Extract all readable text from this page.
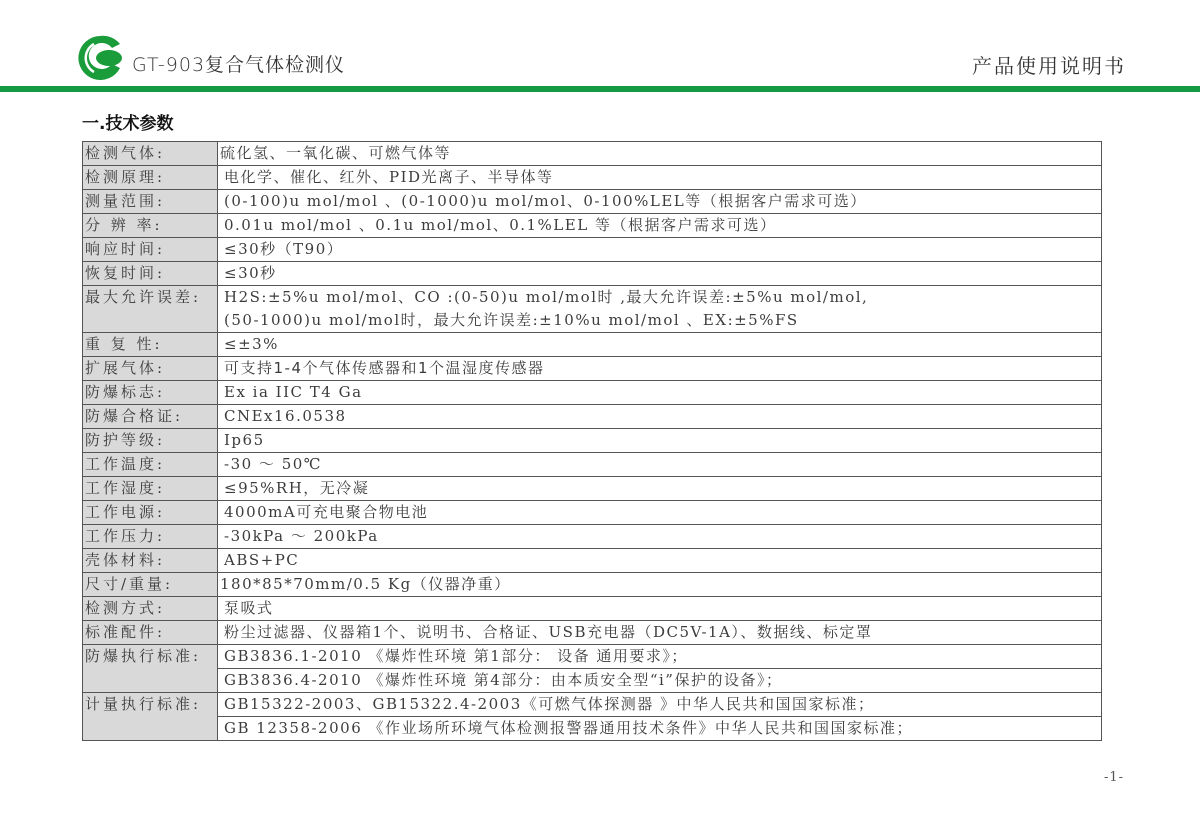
GT-903复合气体检测仪	产品使用说明书
一.技术参数
检测气体:	硫化氢、一氧化碳、可燃气体等
检测原理:	电化学、催化、红外、PID光离子、半导体等
测量范围:	(0-100)u mol/mol 、(0-1000)u mol/mol、0-100%LEL等（根据客户需求可选）
分 辨 率:	0.01u mol/mol 、0.1u mol/mol、0.1%LEL 等（根据客户需求可选）
响应时间:	≤30秒（T90）
恢复时间:	≤30秒
最大允许误差:	H2S:±5%u mol/mol、CO :(0-50)u mol/mol时 ,最大允许误差:±5%u mol/mol,
	(50-1000)u mol/mol时，最大允许误差:±10%u mol/mol 、EX:±5%FS
重 复 性:	≤±3%
扩展气体:	可支持1-4个气体传感器和1个温湿度传感器
防爆标志:	Ex ia IIC T4 Ga
防爆合格证:	CNEx16.0538
防护等级:	Ip65
工作温度:	-30 ～ 50℃
工作湿度:	≤95%RH，无冷凝
工作电源:	4000mA可充电聚合物电池
工作压力:	-30kPa ～ 200kPa
壳体材料:	ABS+PC
尺寸/重量:	180*85*70mm/0.5 Kg（仪器净重）
检测方式:	泵吸式
标准配件:	粉尘过滤器、仪器箱1个、说明书、合格证、USB充电器（DC5V-1A）、数据线、标定罩
防爆执行标准:	GB3836.1-2010 《爆炸性环境 第1部分： 设备 通用要求》；
	GB3836.4-2010 《爆炸性环境 第4部分：由本质安全型“i”保护的设备》；
计量执行标准:	GB15322-2003、GB15322.4-2003《可燃气体探测器 》中华人民共和国国家标准；
	GB 12358-2006 《作业场所环境气体检测报警器通用技术条件》中华人民共和国国家标准；
-1-
